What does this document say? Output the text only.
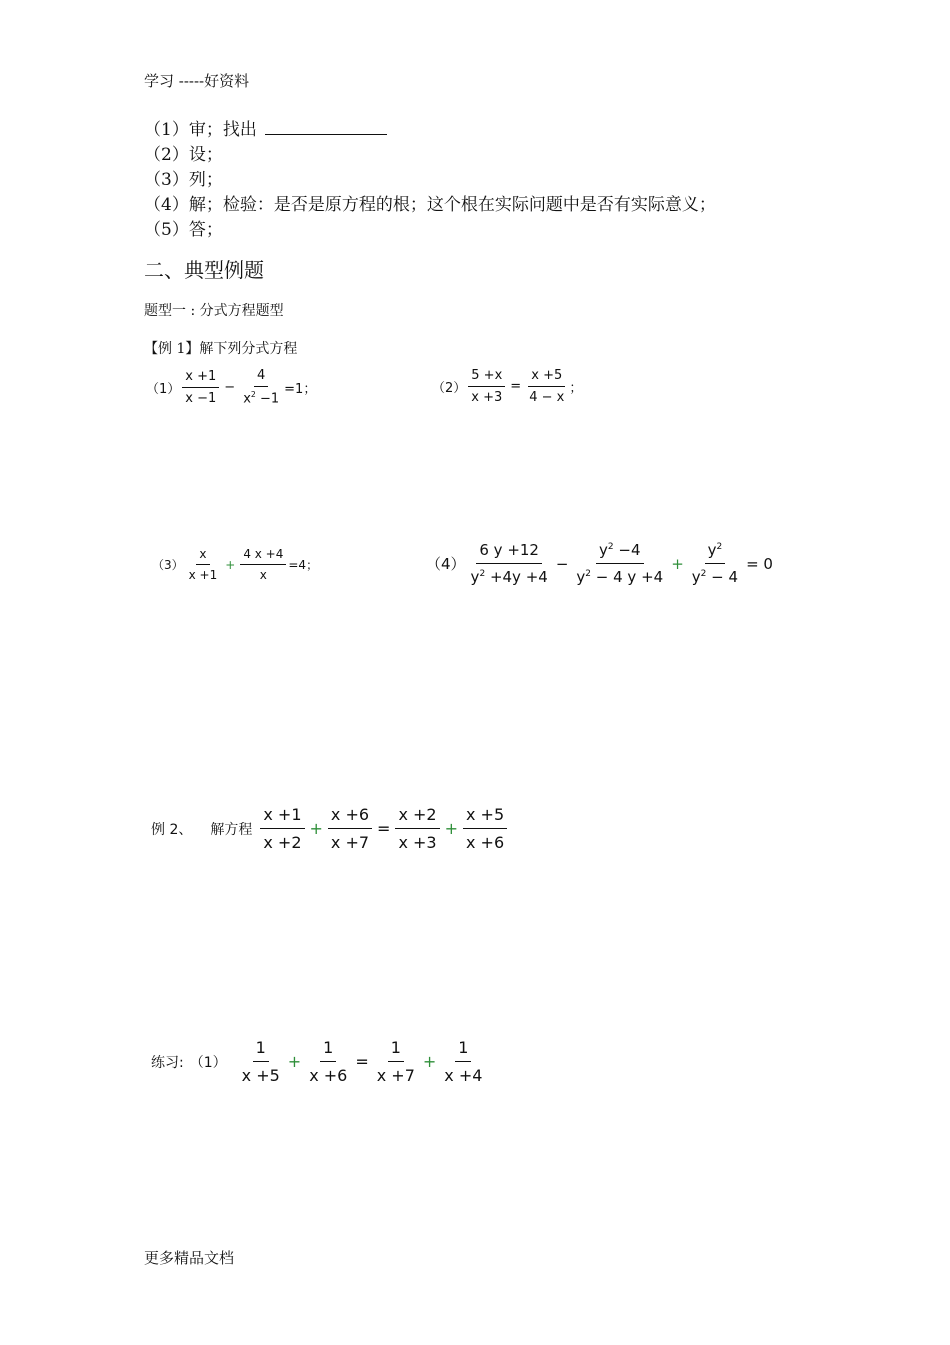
学习 -----好资料
（1）审；找出
（2）设；
（3）列；
（4）解；检验：是否是原方程的根；这个根在实际问题中是否有实际意义；
（5）答；
二、典型例题
题型一 : 分式方程题型
【例 1】解下列分式方程
$(1) \frac{x +1}{x -1} - \frac{4}{x^2 -1} =1$；	$(2) \frac{5 +x}{x +3} = \frac{x +5}{4 - x}$ ；
$(3) \frac{x}{x +1} + \frac{4 x +4}{x} =4$；	$(4) \frac{6 y +12}{y^2 +4y +4} - \frac{y^2 -4}{y^2 - 4 y +4} + \frac{y^2}{y^2 - 4} = 0$
例 2、 解方程 $\frac{x +1}{x +2} + \frac{x +6}{x +7} = \frac{x +2}{x +3} + \frac{x +5}{x +6}$
练习: $(1) \frac{1}{x +5} + \frac{1}{x +6} = \frac{1}{x +7} + \frac{1}{x +4}$
更多精品文档
